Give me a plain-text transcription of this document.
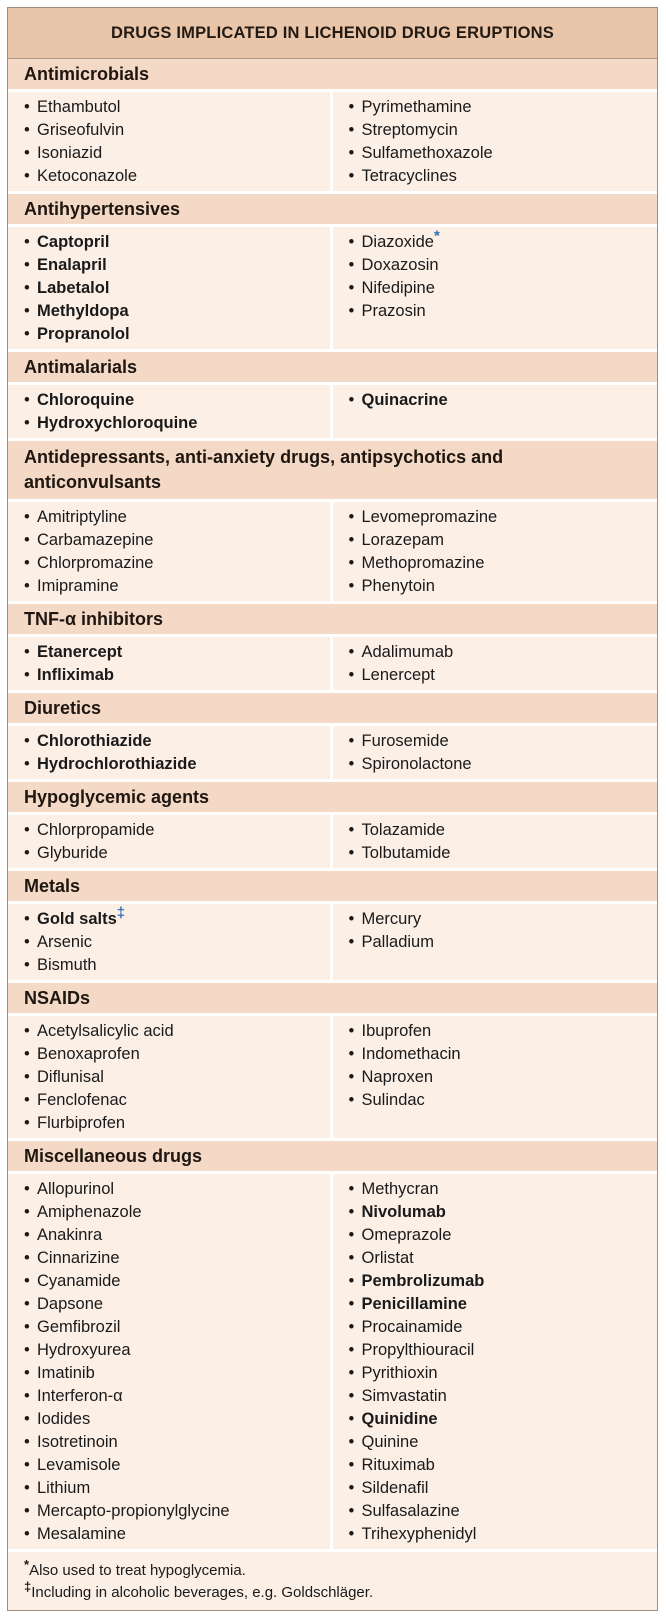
DRUGS IMPLICATED IN LICHENOID DRUG ERUPTIONS
Antimicrobials
• Ethambutol
• Griseofulvin
• Isoniazid
• Ketoconazole
• Pyrimethamine
• Streptomycin
• Sulfamethoxazole
• Tetracyclines
Antihypertensives
• Captopril
• Enalapril
• Labetalol
• Methyldopa
• Propranolol
• Diazoxide*
• Doxazosin
• Nifedipine
• Prazosin
Antimalarials
• Chloroquine
• Hydroxychloroquine
• Quinacrine
Antidepressants, anti-anxiety drugs, antipsychotics and anticonvulsants
• Amitriptyline
• Carbamazepine
• Chlorpromazine
• Imipramine
• Levomepromazine
• Lorazepam
• Methopromazine
• Phenytoin
TNF-α inhibitors
• Etanercept
• Infliximab
• Adalimumab
• Lenercept
Diuretics
• Chlorothiazide
• Hydrochlorothiazide
• Furosemide
• Spironolactone
Hypoglycemic agents
• Chlorpropamide
• Glyburide
• Tolazamide
• Tolbutamide
Metals
• Gold salts‡
• Arsenic
• Bismuth
• Mercury
• Palladium
NSAIDs
• Acetylsalicylic acid
• Benoxaprofen
• Diflunisal
• Fenclofenac
• Flurbiprofen
• Ibuprofen
• Indomethacin
• Naproxen
• Sulindac
Miscellaneous drugs
• Allopurinol
• Amiphenazole
• Anakinra
• Cinnarizine
• Cyanamide
• Dapsone
• Gemfibrozil
• Hydroxyurea
• Imatinib
• Interferon-α
• Iodides
• Isotretinoin
• Levamisole
• Lithium
• Mercapto-propionylglycine
• Mesalamine
• Methycran
• Nivolumab
• Omeprazole
• Orlistat
• Pembrolizumab
• Penicillamine
• Procainamide
• Propylthiouracil
• Pyrithioxin
• Simvastatin
• Quinidine
• Quinine
• Rituximab
• Sildenafil
• Sulfasalazine
• Trihexyphenidyl
*Also used to treat hypoglycemia.
‡Including in alcoholic beverages, e.g. Goldschläger.
